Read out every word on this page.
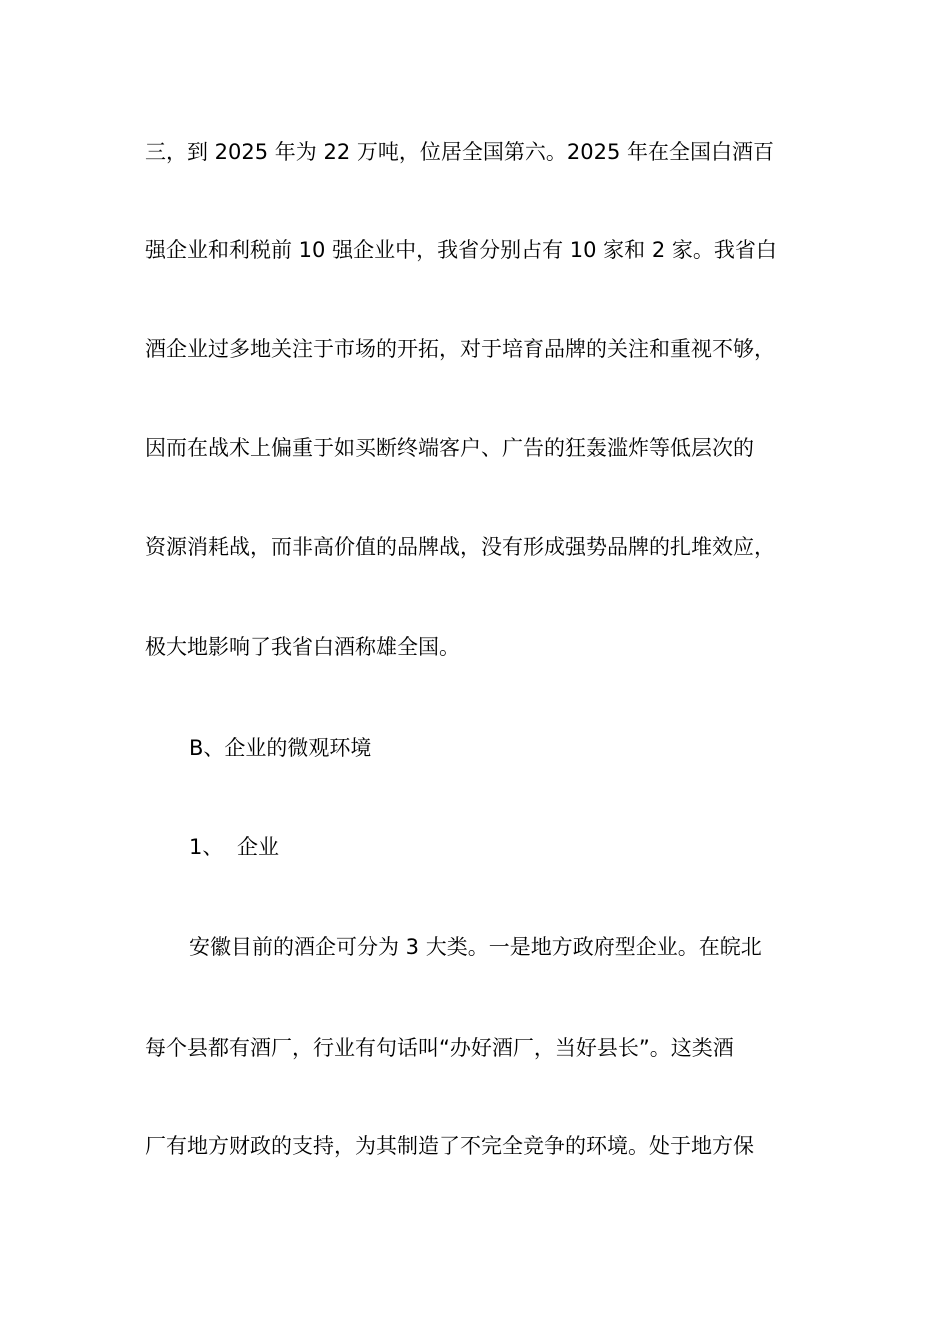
三，到 2025 年为 22 万吨，位居全国第六。2025 年在全国白酒百
强企业和利税前 10 强企业中，我省分别占有 10 家和 2 家。我省白
酒企业过多地关注于市场的开拓，对于培育品牌的关注和重视不够，
因而在战术上偏重于如买断终端客户、广告的狂轰滥炸等低层次的
资源消耗战，而非高价值的品牌战，没有形成强势品牌的扎堆效应，
极大地影响了我省白酒称雄全国。
B、企业的微观环境
1、 企业
安徽目前的酒企可分为 3 大类。一是地方政府型企业。在皖北
每个县都有酒厂，行业有句话叫“办好酒厂，当好县长”。这类酒
厂有地方财政的支持，为其制造了不完全竞争的环境。处于地方保
